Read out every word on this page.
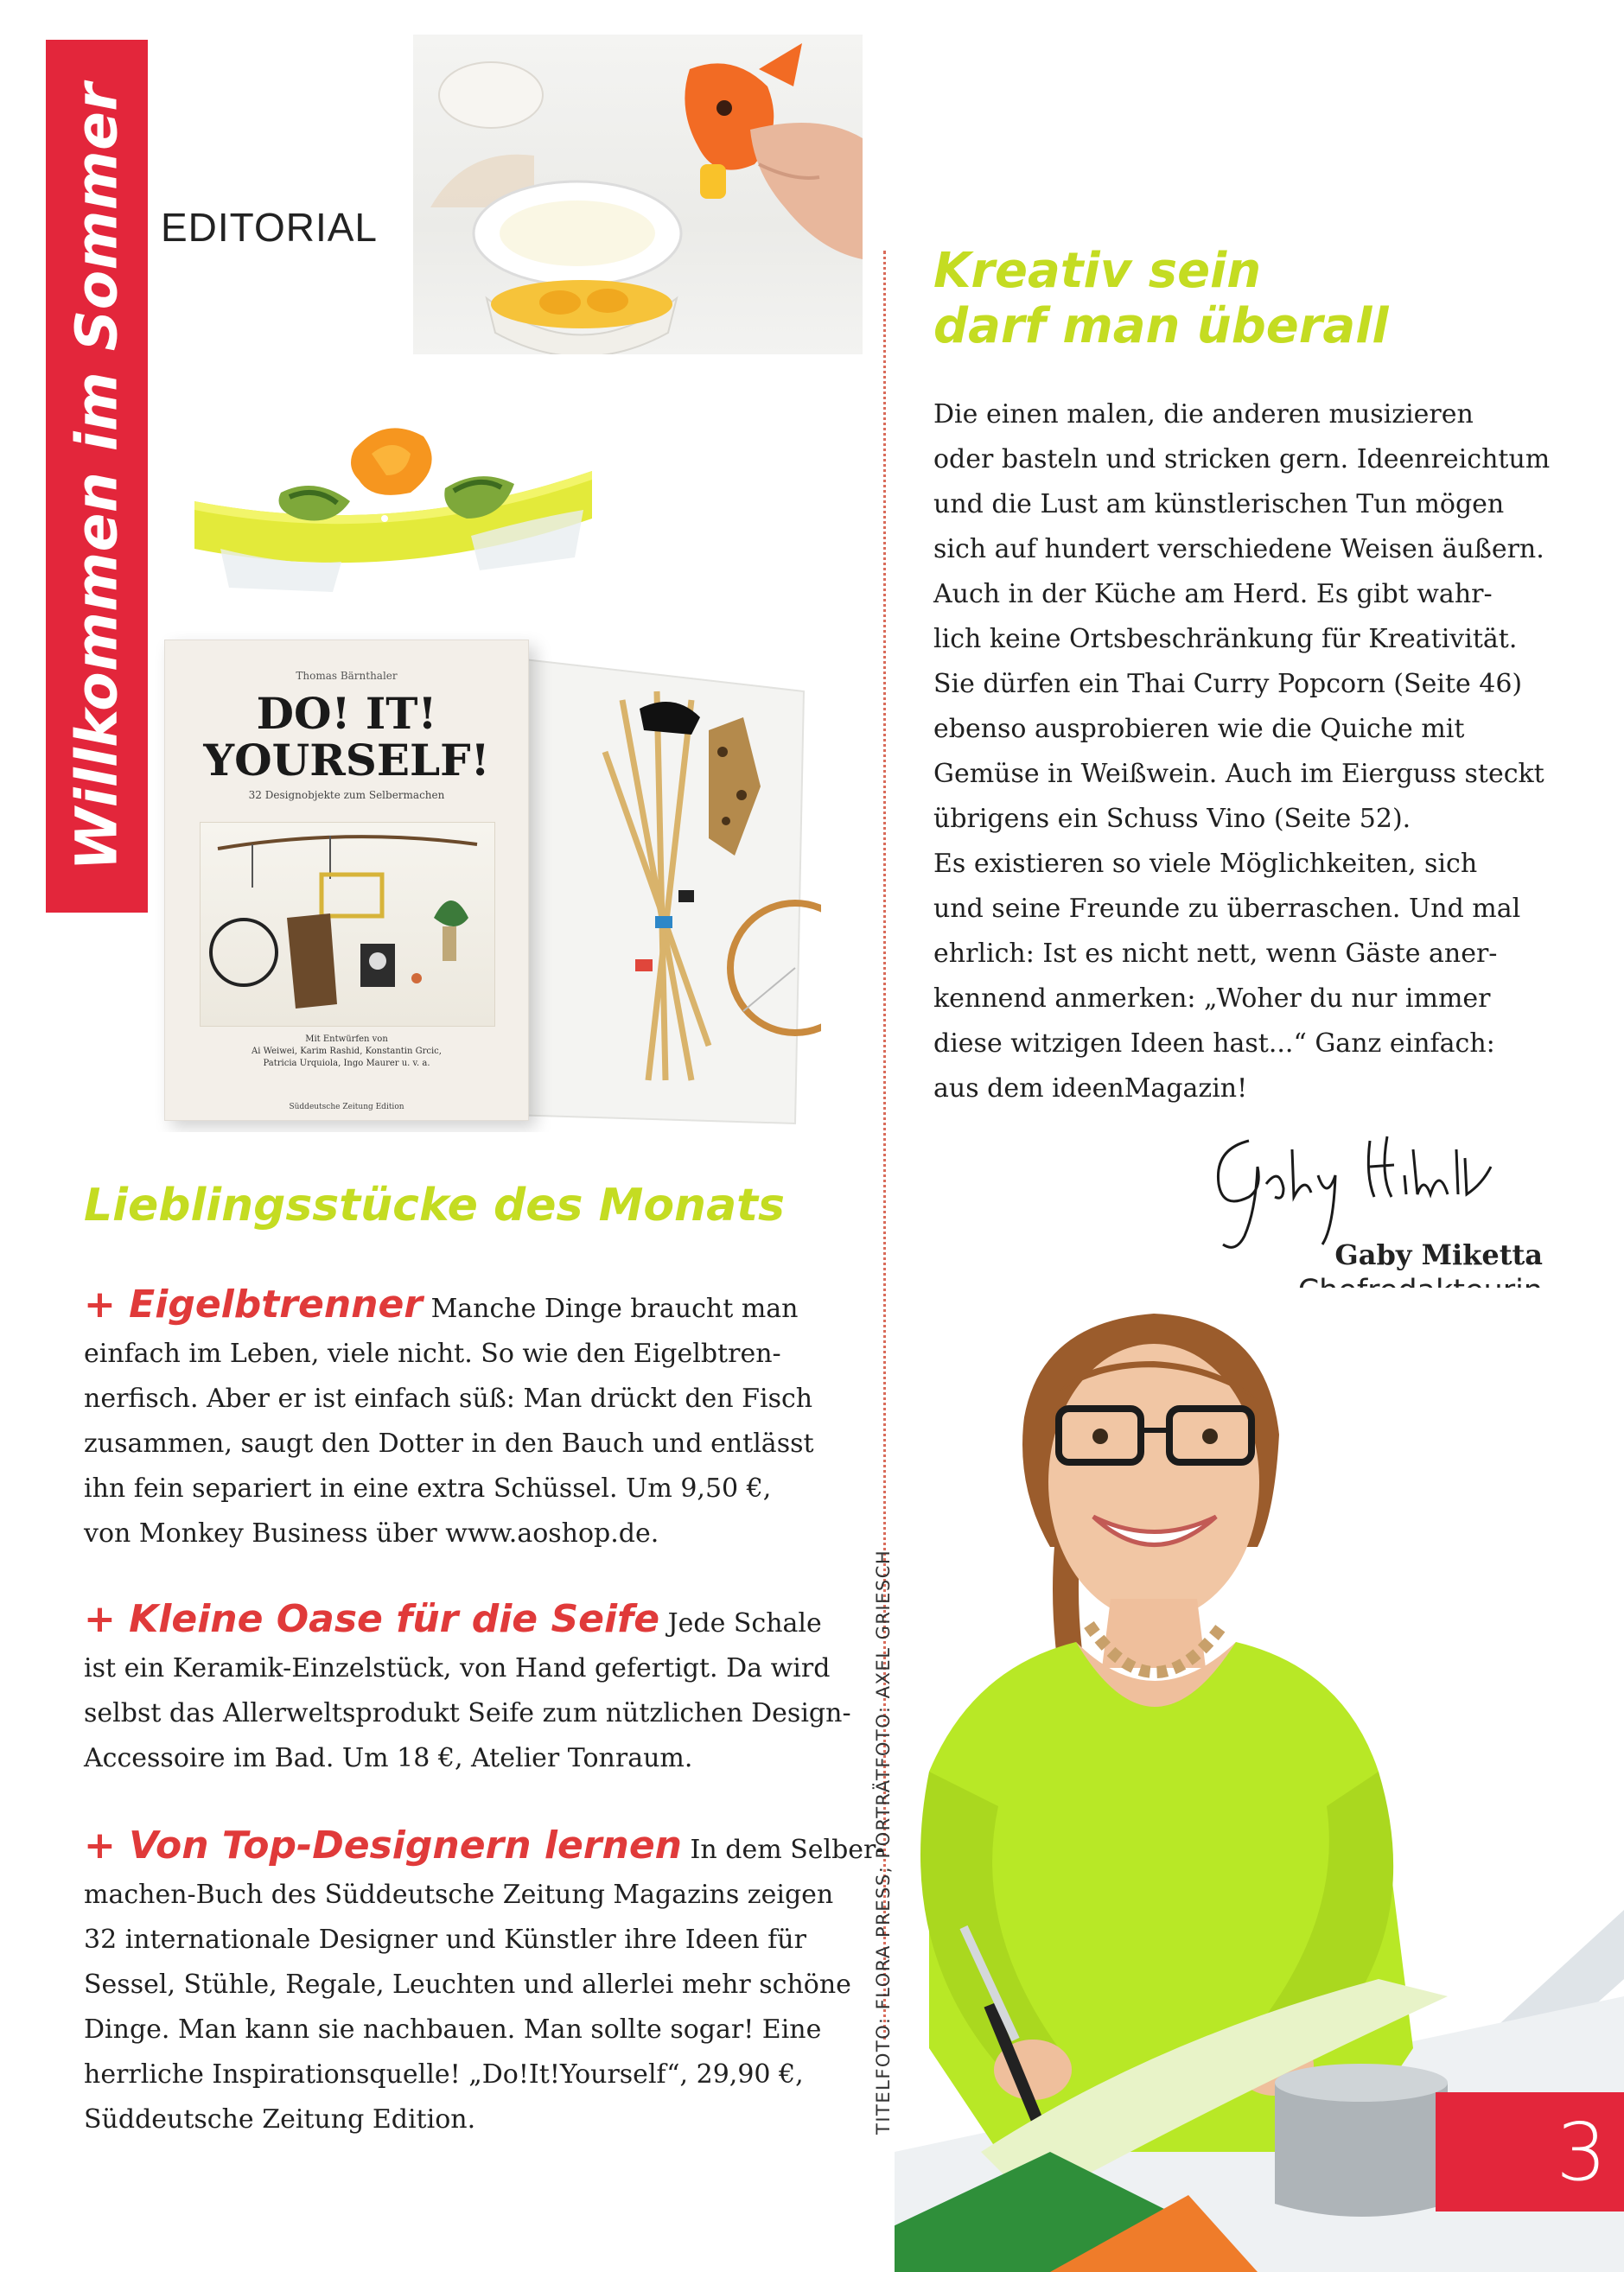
Willkommen im Sommer EDITORIAL
Thomas Bärnthaler
DO! IT!
YOURSELF!
32 Designobjekte zum Selbermachen
Mit Entwürfen von
Ai Weiwei, Karim Rashid, Konstantin Grcic,
Patricia Urquiola, Ingo Maurer u. v. a.
Süddeutsche Zeitung Edition
Kreativ sein
darf man überall

Die einen malen, die anderen musizieren

oder basteln und stricken gern. Ideenreichtum

und die Lust am künstlerischen Tun mögen

sich auf hundert verschiedene Weisen äußern.

Auch in der Küche am Herd. Es gibt wahr-

lich keine Ortsbeschränkung für Kreativität.

Sie dürfen ein Thai Curry Popcorn (Seite 46)

ebenso ausprobieren wie die Quiche mit

Gemüse in Weißwein. Auch im Eierguss steckt

übrigens ein Schuss Vino (Seite 52).

Es existieren so viele Möglichkeiten, sich

und seine Freunde zu überraschen. Und mal

ehrlich: Ist es nicht nett, wenn Gäste aner-

kennend anmerken: „Woher du nur immer

diese witzigen Ideen hast...“ Ganz einfach:

aus dem ideenMagazin!

Gaby Miketta
3
TITELFOTO: FLORA PRESS; PORTRÄTFOTO: AXEL GRIESCH
Lieblingsstücke des Monats

+ Eigelbtrenner Manche Dinge braucht man

einfach im Leben, viele nicht. So wie den Eigelbtren-

nerfisch. Aber er ist einfach süß: Man drückt den Fisch

zusammen, saugt den Dotter in den Bauch und entlässt

ihn fein separiert in eine extra Schüssel. Um 9,50 €,

von Monkey Business über www.aoshop.de.

+ Kleine Oase für die Seife Jede Schale

ist ein Keramik-Einzelstück, von Hand gefertigt. Da wird

selbst das Allerweltsprodukt Seife zum nützlichen Design-

Accessoire im Bad. Um 18 €, Atelier Tonraum.

+ Von Top-Designern lernen In dem Selber-

machen-Buch des Süddeutsche Zeitung Magazins zeigen

32 internationale Designer und Künstler ihre Ideen für

Sessel, Stühle, Regale, Leuchten und allerlei mehr schöne

Dinge. Man kann sie nachbauen. Man sollte sogar! Eine

herrliche Inspirationsquelle! „Do!It!Yourself“, 29,90 €,

Süddeutsche Zeitung Edition.
